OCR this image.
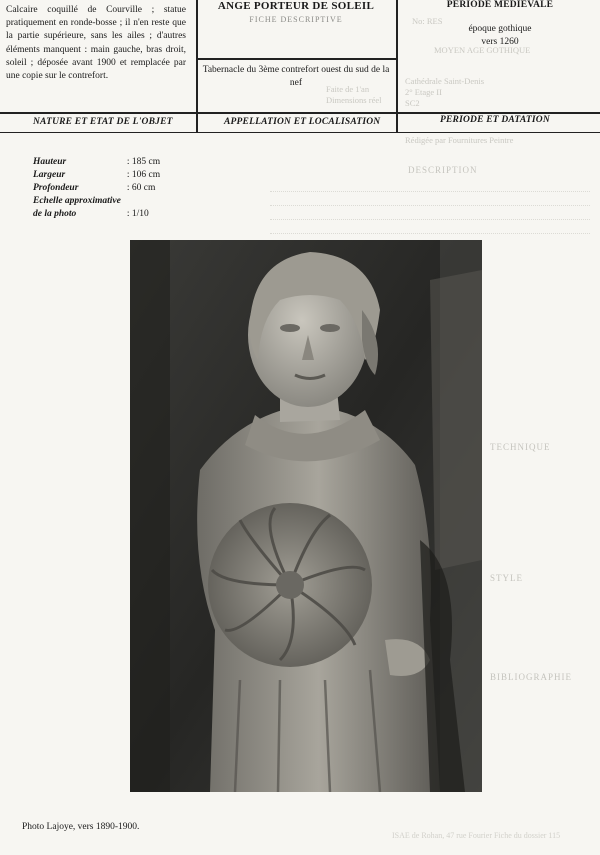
Calcaire coquillé de Courville ; statue pratiquement en ronde-bosse ; il n'en reste que la partie supérieure, sans les ailes ; d'autres éléments manquent : main gauche, bras droit, soleil ; déposée avant 1900 et remplacée par une copie sur le contrefort.
NATURE ET ETAT DE L'OBJET
ANGE PORTEUR DE SOLEIL
FICHE DESCRIPTIVE
Tabernacle du 3ème contrefort ouest du sud de la nef
APPELLATION ET LOCALISATION
PERIODE MEDIEVALE
époque gothique
vers 1260
PERIODE ET DATATION
No: RES
MOYEN AGE GOTHIQUE
Faite de 1'an
Dimensions réel
Cathédrale Saint-Denis
2° Etage II
SC2
Rédigée par Fournitures Peintre
DESCRIPTION
TECHNIQUE
STYLE
BIBLIOGRAPHIE
ISAE de Rohan, 47 rue Fourier Fiche du dossier 115
Hauteur	: 185 cm
Largeur	: 106 cm
Profondeur	: 60 cm
Echelle approximative	
de la photo	: 1/10
Photo Lajoye, vers 1890-1900.
